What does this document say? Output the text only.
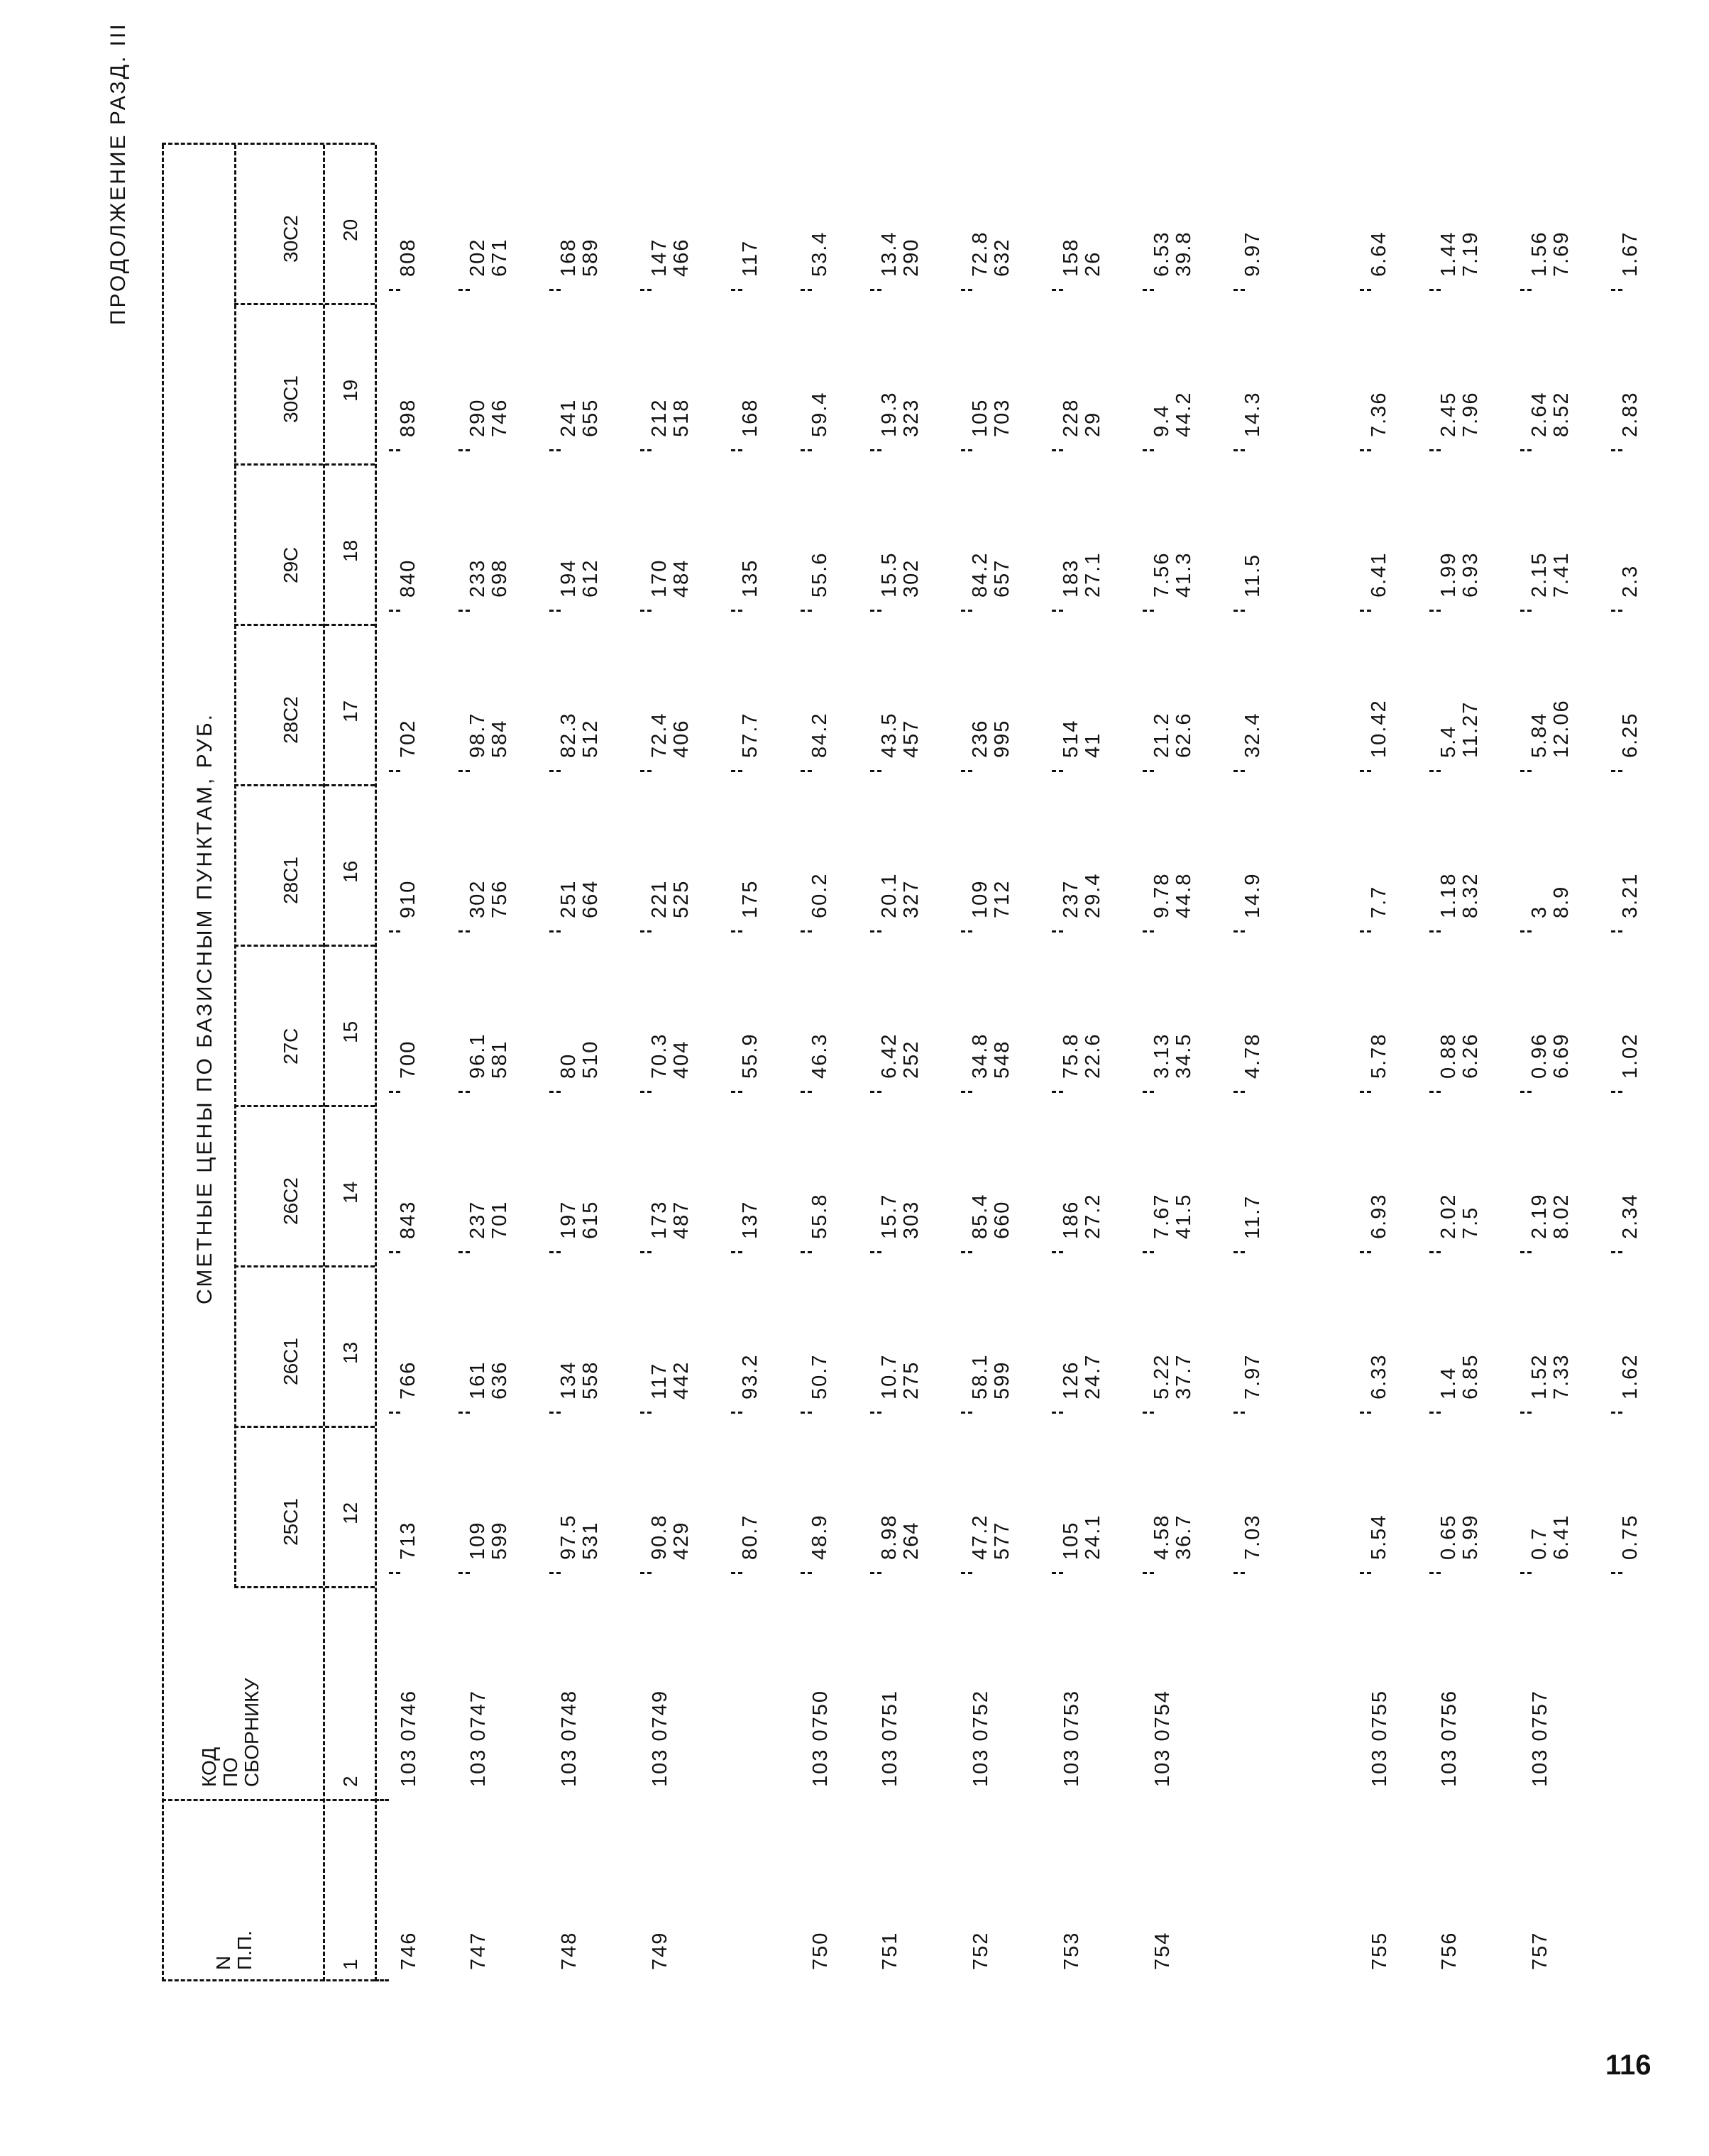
116
ПРОДОЛЖЕНИЕ РАЗД. III
СМЕТНЫЕ ЦЕНЫ ПО БАЗИСНЫМ ПУНКТАМ, РУБ.
N П.П.
КОД ПО СБОРНИКУ
1
2
25С1 12
26С1 13
26С2 14
27С 15
28С1 16
28С2 17
29С 18
30С1 19
30С2 20
746
103 0746
713
766
843
700
910
702
840
898
808
747
103 0747
109 599
161 636
237 701
96.1 581
302 756
98.7 584
233 698
290 746
202 671
748
103 0748
97.5 531
134 558
197 615
80 510
251 664
82.3 512
194 612
241 655
168 589
749
103 0749
90.8 429
117 442
173 487
70.3 404
221 525
72.4 406
170 484
212 518
147 466
80.7
93.2
137
55.9
175
57.7
135
168
117
750
103 0750
48.9
50.7
55.8
46.3
60.2
84.2
55.6
59.4
53.4
751
103 0751
8.98 264
10.7 275
15.7 303
6.42 252
20.1 327
43.5 457
15.5 302
19.3 323
13.4 290
752
103 0752
47.2 577
58.1 599
85.4 660
34.8 548
109 712
236 995
84.2 657
105 703
72.8 632
753
103 0753
105 24.1
126 24.7
186 27.2
75.8 22.6
237 29.4
514 41
183 27.1
228 29
158 26
754
103 0754
4.58 36.7
5.22 37.7
7.67 41.5
3.13 34.5
9.78 44.8
21.2 62.6
7.56 41.3
9.4 44.2
6.53 39.8
7.03
7.97
11.7
4.78
14.9
32.4
11.5
14.3
9.97
755
103 0755
5.54
6.33
6.93
5.78
7.7
10.42
6.41
7.36
6.64
756
103 0756
0.65 5.99
1.4 6.85
2.02 7.5
0.88 6.26
1.18 8.32
5.4 11.27
1.99 6.93
2.45 7.96
1.44 7.19
757
103 0757
0.7 6.41
1.52 7.33
2.19 8.02
0.96 6.69
3 8.9
5.84 12.06
2.15 7.41
2.64 8.52
1.56 7.69
0.75
1.62
2.34
1.02
3.21
6.25
2.3
2.83
1.67
